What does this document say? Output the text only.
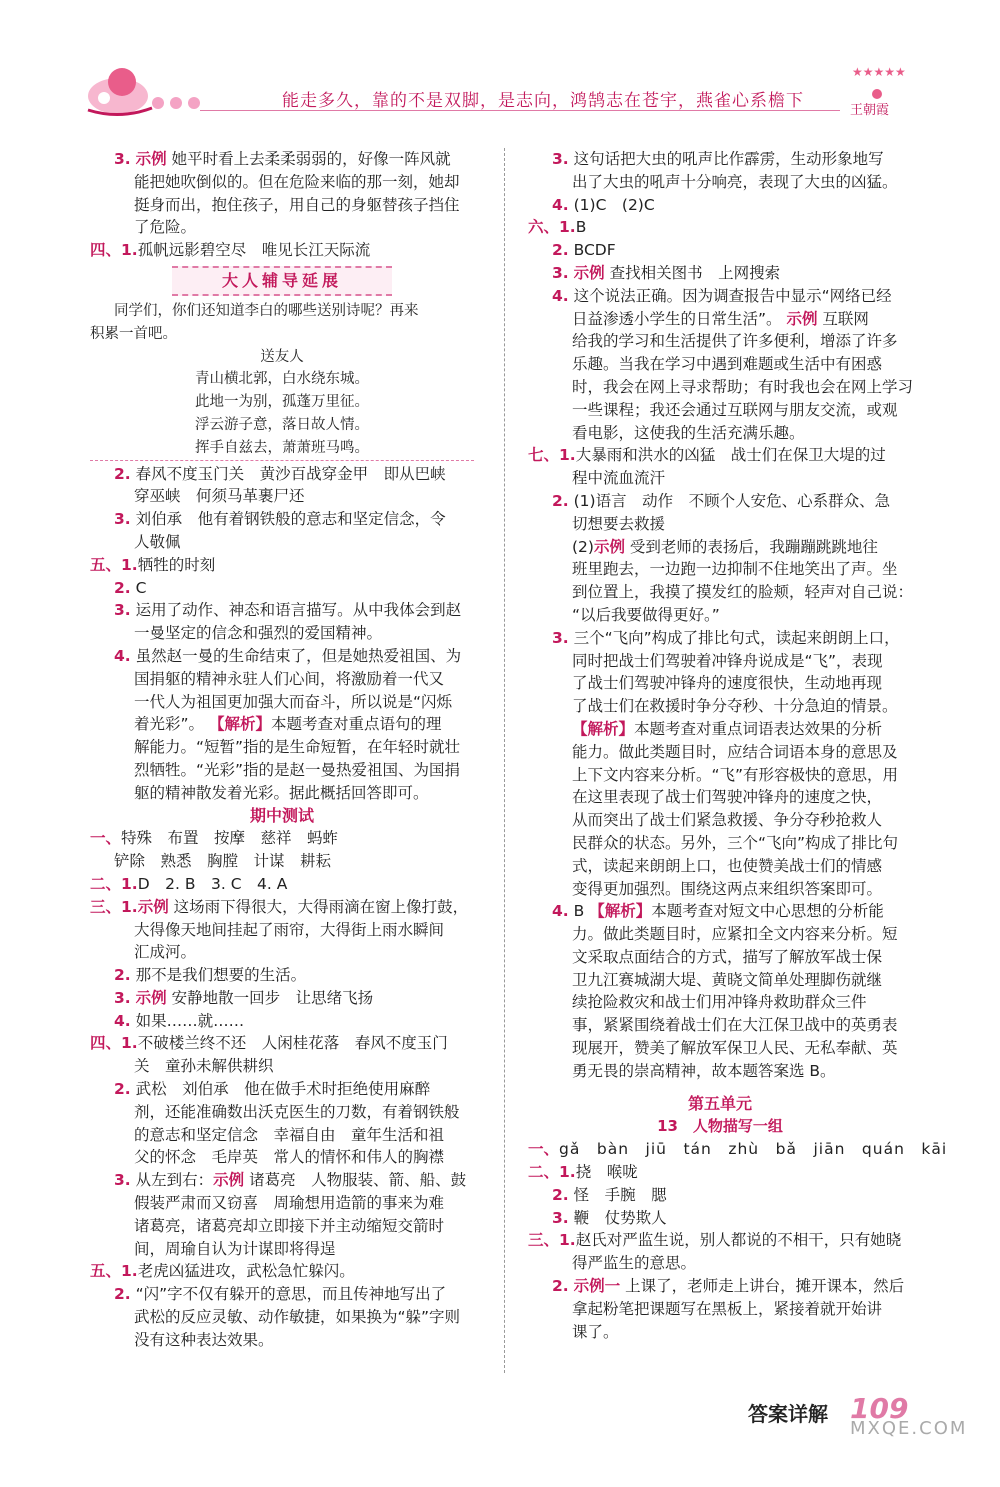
能走多久，靠的不是双脚，是志向，鸿鹄志在苍宇，燕雀心系檐下
★★★★★
王朝霞
3. 示例 她平时看上去柔柔弱弱的，好像一阵风就
能把她吹倒似的。但在危险来临的那一刻，她却
挺身而出，抱住孩子，用自己的身躯替孩子挡住
了危险。
四、1.孤帆远影碧空尽　唯见长江天际流
大人辅导延展
同学们，你们还知道李白的哪些送别诗呢？再来
积累一首吧。
送友人
青山横北郭，白水绕东城。
此地一为别，孤蓬万里征。
浮云游子意，落日故人情。
挥手自兹去，萧萧班马鸣。
2. 春风不度玉门关　黄沙百战穿金甲　即从巴峡
穿巫峡　何须马革裹尸还
3. 刘伯承　他有着钢铁般的意志和坚定信念，令
人敬佩
五、1.牺牲的时刻
2. C
3. 运用了动作、神态和语言描写。从中我体会到赵
一曼坚定的信念和强烈的爱国精神。
4. 虽然赵一曼的生命结束了，但是她热爱祖国、为
国捐躯的精神永驻人们心间，将激励着一代又
一代人为祖国更加强大而奋斗，所以说是“闪烁
着光彩”。 【解析】本题考查对重点语句的理
解能力。“短暂”指的是生命短暂，在年轻时就壮
烈牺牲。“光彩”指的是赵一曼热爱祖国、为国捐
躯的精神散发着光彩。据此概括回答即可。
期中测试
一、特殊　布置　按摩　慈祥　蚂蚱
铲除　熟悉　胸膛　计谋　耕耘
二、1.D　2. B　3. C　4. A
三、1.示例 这场雨下得很大，大得雨滴在窗上像打鼓，
大得像天地间挂起了雨帘，大得街上雨水瞬间
汇成河。
2. 那不是我们想要的生活。
3. 示例 安静地散一回步　让思绪飞扬
4. 如果……就……
四、1.不破楼兰终不还　人闲桂花落　春风不度玉门
关　童孙未解供耕织
2. 武松　刘伯承　他在做手术时拒绝使用麻醉
剂，还能准确数出沃克医生的刀数，有着钢铁般
的意志和坚定信念　幸福自由　童年生活和祖
父的怀念　毛岸英　常人的情怀和伟人的胸襟
3. 从左到右：示例 诸葛亮　人物服装、箭、船、鼓
假装严肃而又窃喜　周瑜想用造箭的事来为难
诸葛亮，诸葛亮却立即接下并主动缩短交箭时
间，周瑜自认为计谋即将得逞
五、1.老虎凶猛进攻，武松急忙躲闪。
2. “闪”字不仅有躲开的意思，而且传神地写出了
武松的反应灵敏、动作敏捷，如果换为“躲”字则
没有这种表达效果。
3. 这句话把大虫的吼声比作霹雳，生动形象地写
出了大虫的吼声十分响亮，表现了大虫的凶猛。
4. (1)C　(2)C
六、1.B
2. BCDF
3. 示例 查找相关图书　上网搜索
4. 这个说法正确。因为调查报告中显示“网络已经
日益渗透小学生的日常生活”。 示例 互联网
给我的学习和生活提供了许多便利，增添了许多
乐趣。当我在学习中遇到难题或生活中有困惑
时，我会在网上寻求帮助；有时我也会在网上学习
一些课程；我还会通过互联网与朋友交流，或观
看电影，这使我的生活充满乐趣。
七、1.大暴雨和洪水的凶猛　战士们在保卫大堤的过
程中流血流汗
2. (1)语言　动作　不顾个人安危、心系群众、急
切想要去救援
(2)示例 受到老师的表扬后，我蹦蹦跳跳地往
班里跑去，一边跑一边抑制不住地笑出了声。坐
到位置上，我摸了摸发红的脸颊，轻声对自己说：
“以后我要做得更好。”
3. 三个“飞向”构成了排比句式，读起来朗朗上口，
同时把战士们驾驶着冲锋舟说成是“飞”，表现
了战士们驾驶冲锋舟的速度很快，生动地再现
了战士们在救援时争分夺秒、十分急迫的情景。
【解析】本题考查对重点词语表达效果的分析
能力。做此类题目时，应结合词语本身的意思及
上下文内容来分析。“飞”有形容极快的意思，用
在这里表现了战士们驾驶冲锋舟的速度之快，
从而突出了战士们紧急救援、争分夺秒抢救人
民群众的状态。另外，三个“飞向”构成了排比句
式，读起来朗朗上口，也使赞美战士们的情感
变得更加强烈。围绕这两点来组织答案即可。
4. B 【解析】本题考查对短文中心思想的分析能
力。做此类题目时，应紧扣全文内容来分析。短
文采取点面结合的方式，描写了解放军战士保
卫九江赛城湖大堤、黄晓文简单处理脚伤就继
续抢险救灾和战士们用冲锋舟救助群众三件
事，紧紧围绕着战士们在大江保卫战中的英勇表
现展开，赞美了解放军保卫人民、无私奉献、英
勇无畏的崇高精神，故本题答案选 B。
第五单元
13　人物描写一组
一、gǎ　bàn　jiū　tán　zhù　bǎ　jiān　quán　kāi
二、1.挠　喉咙
2. 怪　手腕　腮
3. 鞭　仗势欺人
三、1.赵氏对严监生说，别人都说的不相干，只有她晓
得严监生的意思。
2. 示例一 上课了，老师走上讲台，摊开课本，然后
拿起粉笔把课题写在黑板上，紧接着就开始讲
课了。
答案详解 109
MXQE.COM
